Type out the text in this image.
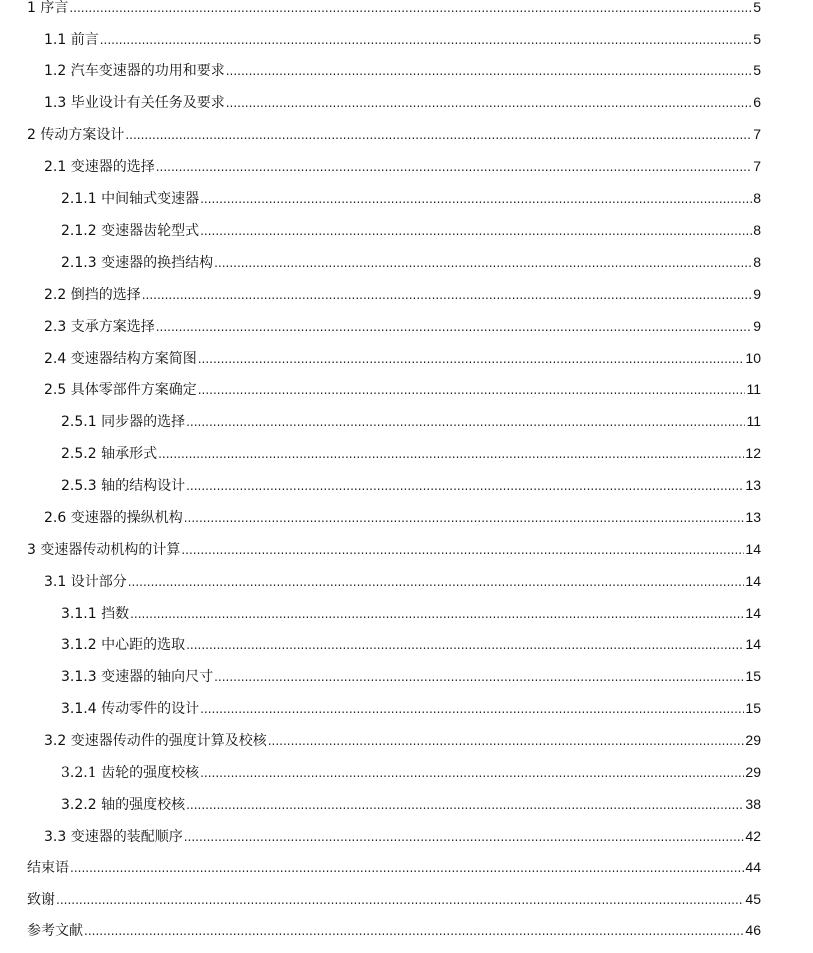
1 序言 .....	5
1.1 前言 .....	5
1.2 汽车变速器的功用和要求 .....	5
1.3 毕业设计有关任务及要求 .....	6
2 传动方案设计 .....	7
2.1 变速器的选择 .....	7
2.1.1 中间轴式变速器 .....	8
2.1.2 变速器齿轮型式 .....	8
2.1.3 变速器的换挡结构 .....	8
2.2 倒挡的选择 .....	9
2.3 支承方案选择 .....	9
2.4 变速器结构方案简图 .....	10
2.5 具体零部件方案确定 .....	11
2.5.1 同步器的选择 .....	11
2.5.2 轴承形式 .....	12
2.5.3 轴的结构设计 .....	13
2.6 变速器的操纵机构 .....	13
3 变速器传动机构的计算 .....	14
3.1 设计部分 .....	14
3.1.1 挡数 .....	14
3.1.2 中心距的选取 .....	14
3.1.3 变速器的轴向尺寸 .....	15
3.1.4 传动零件的设计 .....	15
3.2 变速器传动件的强度计算及校核 .....	29
3.2.1 齿轮的强度校核 .....	29
3.2.2 轴的强度校核 .....	38
3.3 变速器的装配顺序 .....	42
结束语 .....	44
致谢 .....	45
参考文献 .....	46
